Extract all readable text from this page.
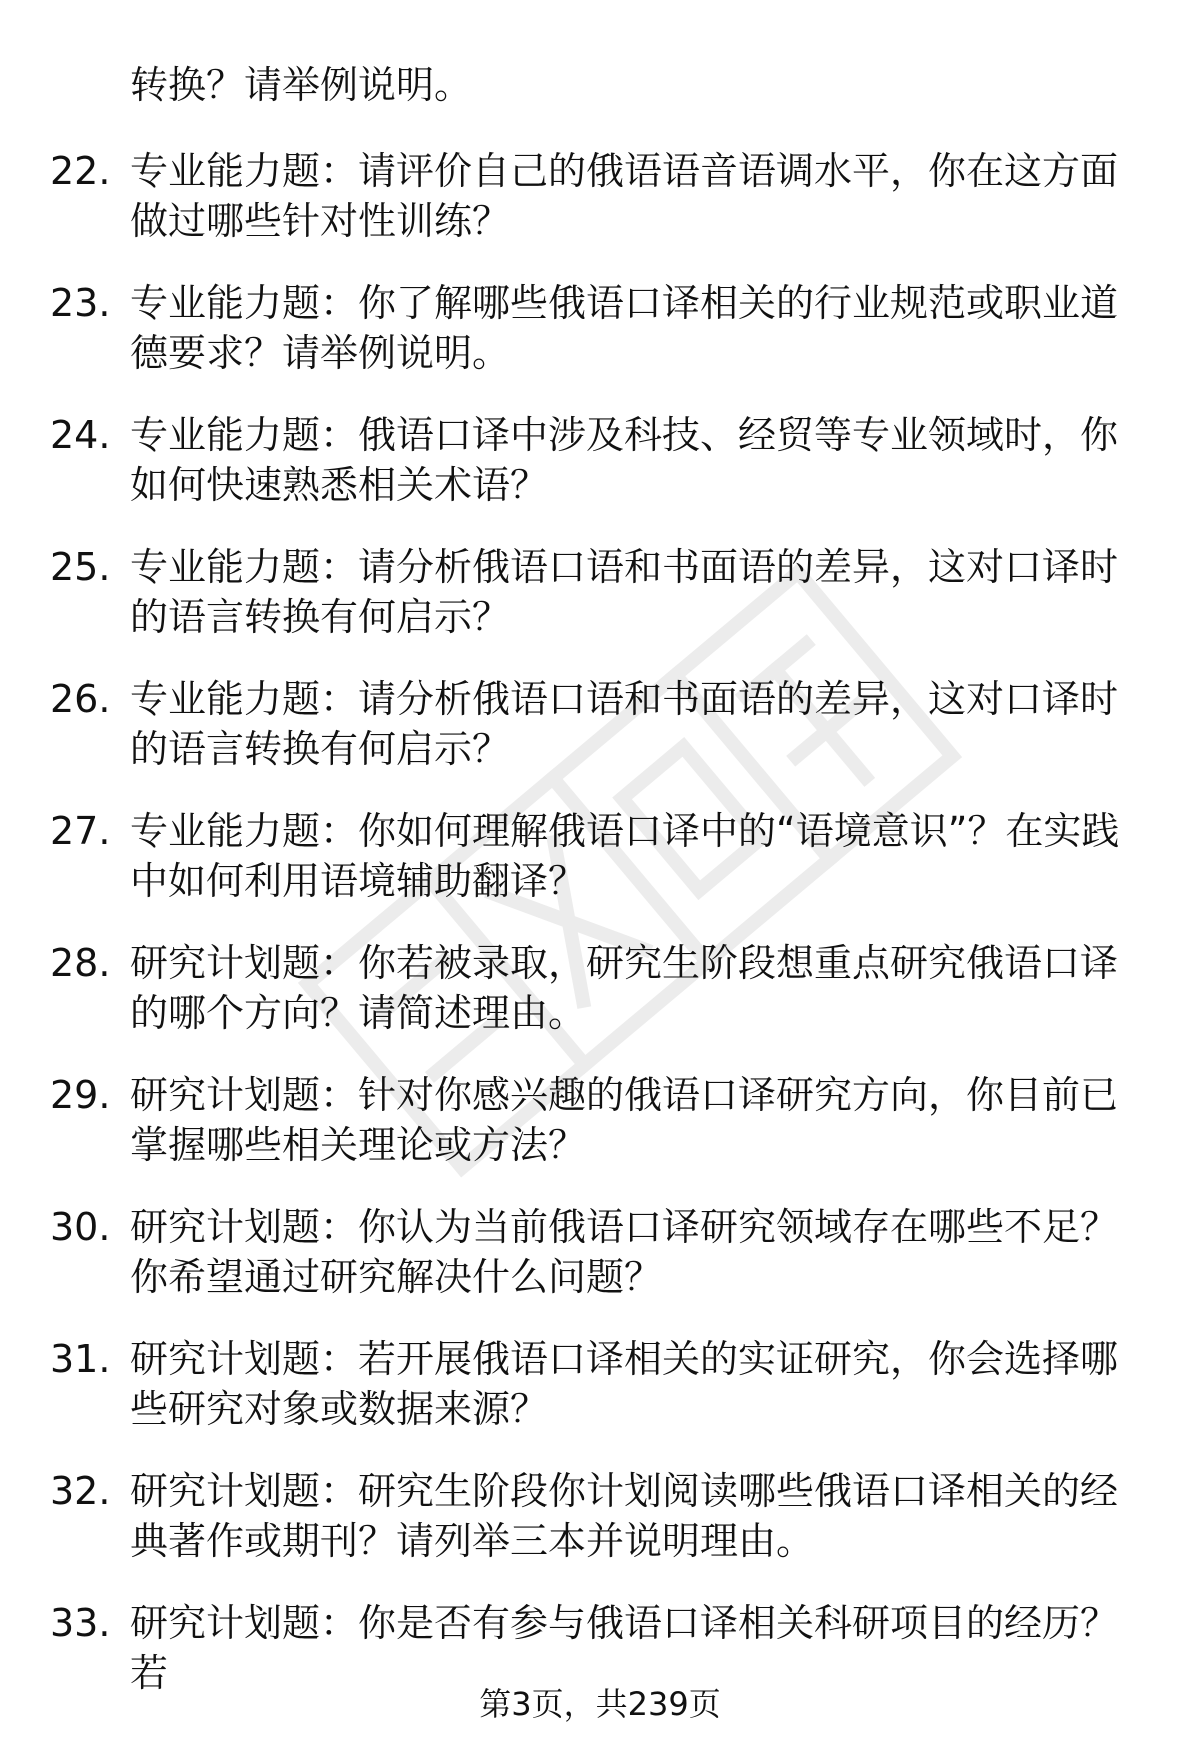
转换？请举例说明。
22. 专业能力题：请评价自己的俄语语音语调水平，你在这方面做过哪些针对性训练？
23. 专业能力题：你了解哪些俄语口译相关的行业规范或职业道德要求？请举例说明。
24. 专业能力题：俄语口译中涉及科技、经贸等专业领域时，你如何快速熟悉相关术语？
25. 专业能力题：请分析俄语口语和书面语的差异，这对口译时的语言转换有何启示？
26. 专业能力题：请分析俄语口语和书面语的差异，这对口译时的语言转换有何启示？
27. 专业能力题：你如何理解俄语口译中的“语境意识”？在实践中如何利用语境辅助翻译？
28. 研究计划题：你若被录取，研究生阶段想重点研究俄语口译的哪个方向？请简述理由。
29. 研究计划题：针对你感兴趣的俄语口译研究方向，你目前已掌握哪些相关理论或方法？
30. 研究计划题：你认为当前俄语口译研究领域存在哪些不足？你希望通过研究解决什么问题？
31. 研究计划题：若开展俄语口译相关的实证研究，你会选择哪些研究对象或数据来源？
32. 研究计划题：研究生阶段你计划阅读哪些俄语口译相关的经典著作或期刊？请列举三本并说明理由。
33. 研究计划题：你是否有参与俄语口译相关科研项目的经历？若
第3页，共239页
